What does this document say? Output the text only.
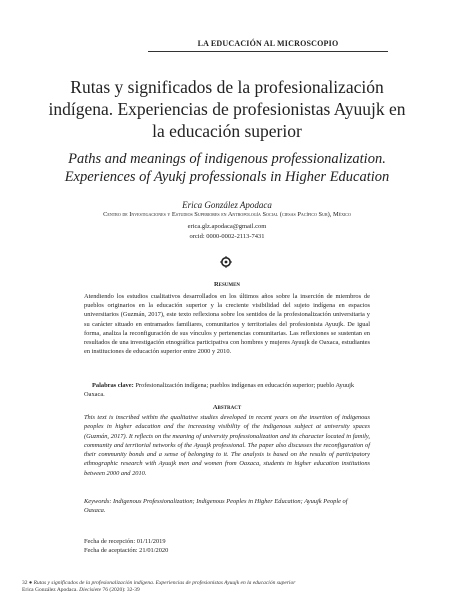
LA EDUCACIÓN AL MICROSCOPIO
Rutas y significados de la profesionalización indígena. Experiencias de profesionistas Ayuujk en la educación superior
Paths and meanings of indigenous professionalization. Experiences of Ayukj professionals in Higher Education
Erica González Apodaca
Centro de Investigaciones y Estudios Superiores en Antropología Social (ciesas Pacífico Sur), México
erica.glz.apodaca@gmail.com
orcid: 0000-0002-2113-7431
Resumen
Atendiendo los estudios cualitativos desarrollados en los últimos años sobre la inserción de miembros de pueblos originarios en la educación superior y la creciente visibilidad del sujeto indígena en espacios universitarios (Guzmán, 2017), este texto reflexiona sobre los sentidos de la profesionalización universitaria y su carácter situado en entramados familiares, comunitarios y territoriales del profesionista Ayuujk. De igual forma, analiza la reconfiguración de sus vínculos y pertenencias comunitarias. Las reflexiones se sustentan en resultados de una investigación etnográfica participativa con hombres y mujeres Ayuujk de Oaxaca, estudiantes en instituciones de educación superior entre 2000 y 2010.
Palabras clave: Profesionalización indígena; pueblos indígenas en educación superior; pueblo Ayuujk Oaxaca.
Abstract
This text is inscribed within the qualitative studies developed in recent years on the insertion of indigenous peoples in higher education and the increasing visibility of the indigenous subject at university spaces (Guzmán, 2017). It reflects on the meaning of university professionalization and its character located in family, community and territorial networks of the Ayuujk professional. The paper also discusses the reconfiguration of their community bonds and a sense of belonging to it. The analysis is based on the results of participatory ethnographic research with Ayuujk men and women from Oaxaca, students in higher education institutions between 2000 and 2010.
Keywords: Indigenous Professionalization; Indigenous Peoples in Higher Education; Ayuujk People of Oaxaca.
Fecha de recepción: 01/11/2019
Fecha de aceptación: 21/01/2020
32 ● Rutas y significados de la profesionalización indígena. Experiencias de profesionistas Ayuujk en la educación superior
Erica González Apodaca. Diecisiete 76 (2020): 32-39
